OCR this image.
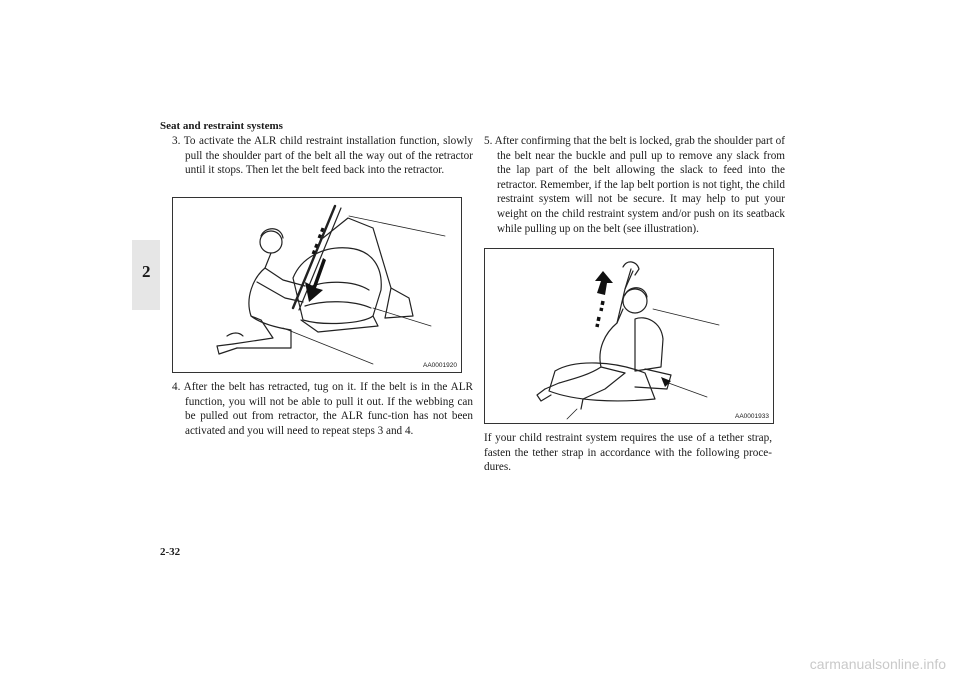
Seat and restraint systems
2

3. To activate the ALR child restraint installation function, slowly pull the shoulder part of the belt all the way out of the retractor until it stops. Then let the belt feed back into the retractor.

AA0001920

4. After the belt has retracted, tug on it. If the belt is in the ALR function, you will not be able to pull it out. If the webbing can be pulled out from retractor, the ALR func-tion has not been activated and you will need to repeat steps 3 and 4.

5. After confirming that the belt is locked, grab the shoulder part of the belt near the buckle and pull up to remove any slack from the lap part of the belt allowing the slack to feed into the retractor. Remember, if the lap belt portion is not tight, the child restraint system will not be secure. It may help to put your weight on the child restraint system and/or push on its seatback while pulling up on the belt (see illustration).

AA0001933

If your child restraint system requires the use of a tether strap, fasten the tether strap in accordance with the following proce-dures.

2-32
carmanualsonline.info
